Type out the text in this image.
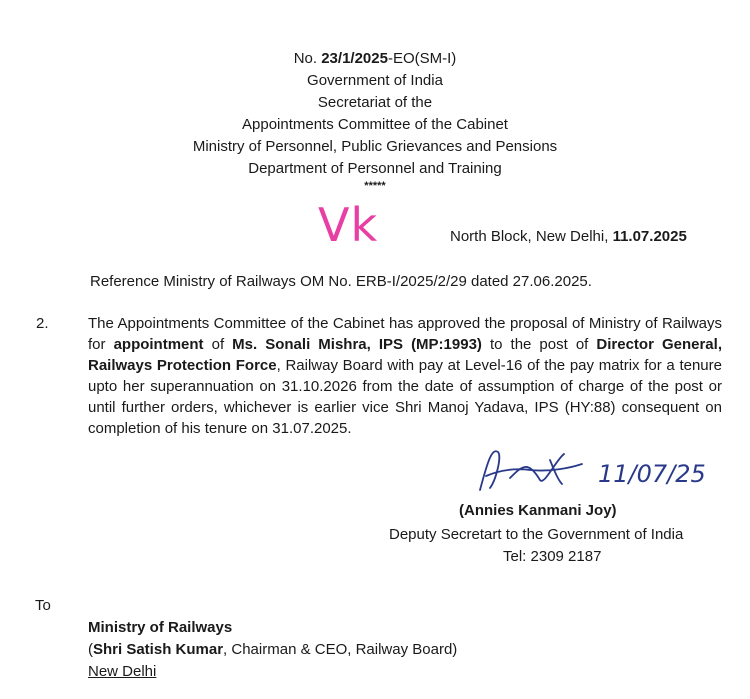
No. 23/1/2025-EO(SM-I)
Government of India
Secretariat of the
Appointments Committee of the Cabinet
Ministry of Personnel, Public Grievances and Pensions
Department of Personnel and Training
*****
Vk	North Block, New Delhi, 11.07.2025
Reference Ministry of Railways OM No. ERB-I/2025/2/29 dated 27.06.2025.
2.	The Appointments Committee of the Cabinet has approved the proposal of Ministry of Railways for appointment of Ms. Sonali Mishra, IPS (MP:1993) to the post of Director General, Railways Protection Force, Railway Board with pay at Level-16 of the pay matrix for a tenure upto her superannuation on 31.10.2026 from the date of assumption of charge of the post or until further orders, whichever is earlier vice Shri Manoj Yadava, IPS (HY:88) consequent on completion of his tenure on 31.07.2025.
11/07/25
(Annies Kanmani Joy)
Deputy Secretart to the Government of India
Tel: 2309 2187
To
Ministry of Railways
(Shri Satish Kumar, Chairman & CEO, Railway Board)
New Delhi
